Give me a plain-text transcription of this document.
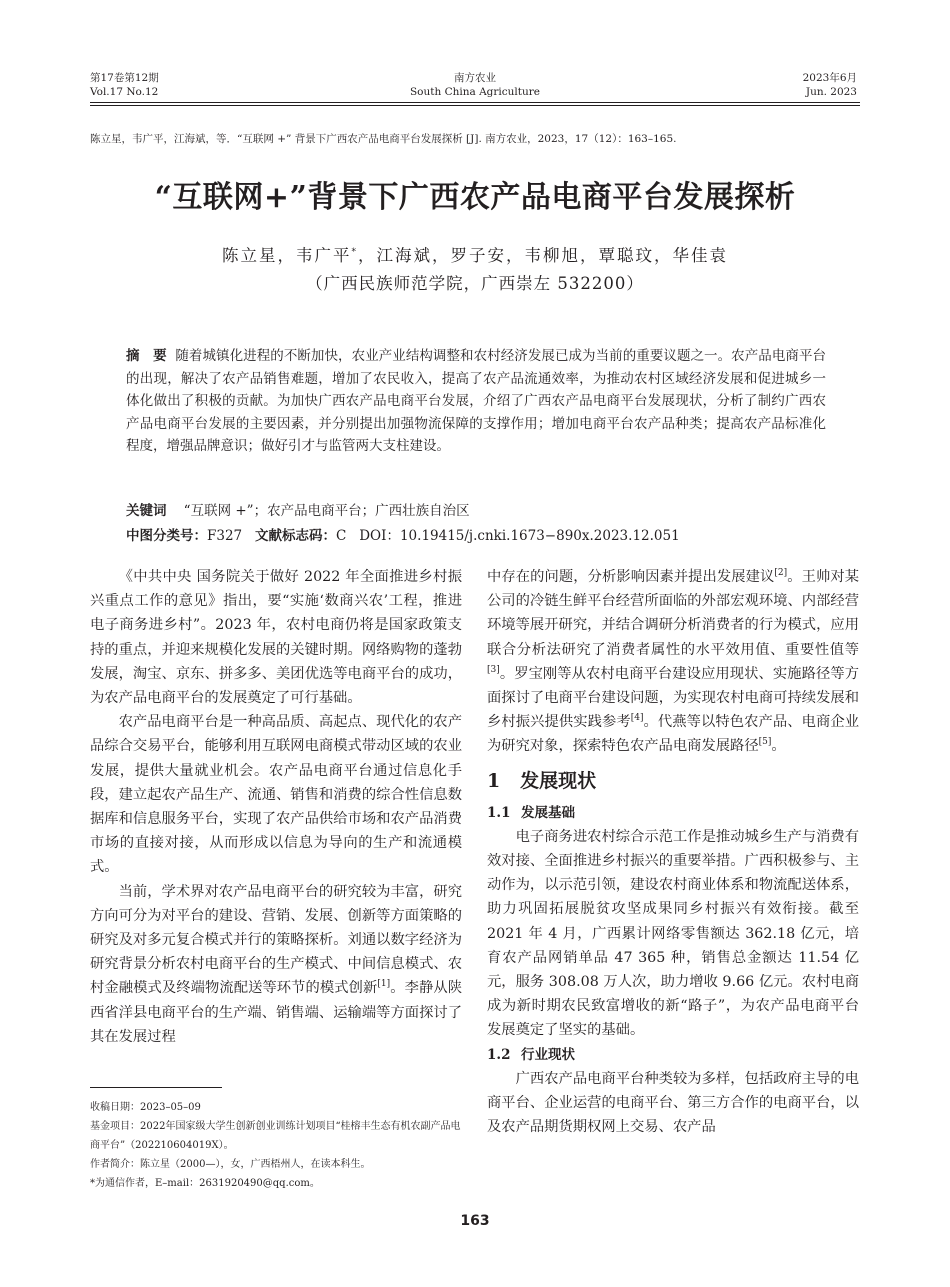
第17卷第12期
Vol.17 No.12
南方农业
South China Agriculture
2023年6月
Jun. 2023
陈立星，韦广平，江海斌，等．“互联网 +” 背景下广西农产品电商平台发展探析 [J]. 南方农业，2023，17（12）：163–165.
“互联网+”背景下广西农产品电商平台发展探析
陈立星，韦广平*，江海斌，罗子安，韦柳旭，覃聪玟，华佳袁
（广西民族师范学院，广西崇左 532200）
摘　要 随着城镇化进程的不断加快，农业产业结构调整和农村经济发展已成为当前的重要议题之一。农产品电商平台的出现，解决了农产品销售难题，增加了农民收入，提高了农产品流通效率，为推动农村区域经济发展和促进城乡一体化做出了积极的贡献。为加快广西农产品电商平台发展，介绍了广西农产品电商平台发展现状，分析了制约广西农产品电商平台发展的主要因素，并分别提出加强物流保障的支撑作用；增加电商平台农产品种类；提高农产品标准化程度，增强品牌意识；做好引才与监管两大支柱建设。
关键词 “互联网 +”；农产品电商平台；广西壮族自治区
中图分类号：F327 文献标志码：C DOI：10.19415/j.cnki.1673−890x.2023.12.051

《中共中央 国务院关于做好 2022 年全面推进乡村振兴重点工作的意见》指出，要“实施‘数商兴农’工程，推进电子商务进乡村”。2023 年，农村电商仍将是国家政策支持的重点，并迎来规模化发展的关键时期。网络购物的蓬勃发展，淘宝、京东、拼多多、美团优选等电商平台的成功，为农产品电商平台的发展奠定了可行基础。

农产品电商平台是一种高品质、高起点、现代化的农产品综合交易平台，能够利用互联网电商模式带动区域的农业发展，提供大量就业机会。农产品电商平台通过信息化手段，建立起农产品生产、流通、销售和消费的综合性信息数据库和信息服务平台，实现了农产品供给市场和农产品消费市场的直接对接，从而形成以信息为导向的生产和流通模式。

当前，学术界对农产品电商平台的研究较为丰富，研究方向可分为对平台的建设、营销、发展、创新等方面策略的研究及对多元复合模式并行的策略探析。刘通以数字经济为研究背景分析农村电商平台的生产模式、中间信息模式、农村金融模式及终端物流配送等环节的模式创新[1]。李静从陕西省洋县电商平台的生产端、销售端、运输端等方面探讨了其在发展过程

中存在的问题，分析影响因素并提出发展建议[2]。王帅对某公司的冷链生鲜平台经营所面临的外部宏观环境、内部经营环境等展开研究，并结合调研分析消费者的行为模式，应用联合分析法研究了消费者属性的水平效用值、重要性值等[3]。罗宝刚等从农村电商平台建设应用现状、实施路径等方面探讨了电商平台建设问题，为实现农村电商可持续发展和乡村振兴提供实践参考[4]。代燕等以特色农产品、电商企业为研究对象，探索特色农产品电商发展路径[5]。

1 发展现状
1.1 发展基础

电子商务进农村综合示范工作是推动城乡生产与消费有效对接、全面推进乡村振兴的重要举措。广西积极参与、主动作为，以示范引领，建设农村商业体系和物流配送体系，助力巩固拓展脱贫攻坚成果同乡村振兴有效衔接。截至 2021 年 4 月，广西累计网络零售额达 362.18 亿元，培育农产品网销单品 47 365 种，销售总金额达 11.54 亿元，服务 308.08 万人次，助力增收 9.66 亿元。农村电商成为新时期农民致富增收的新“路子”，为农产品电商平台发展奠定了坚实的基础。

1.2 行业现状

广西农产品电商平台种类较为多样，包括政府主导的电商平台、企业运营的电商平台、第三方合作的电商平台，以及农产品期货期权网上交易、农产品

收稿日期：2023–05–09
基金项目：2022年国家级大学生创新创业训练计划项目“桂榕丰生态有机农副产品电商平台”（202210604019X）。
作者简介：陈立星（2000—），女，广西梧州人，在读本科生。
*为通信作者，E–mail：2631920490@qq.com。
163
